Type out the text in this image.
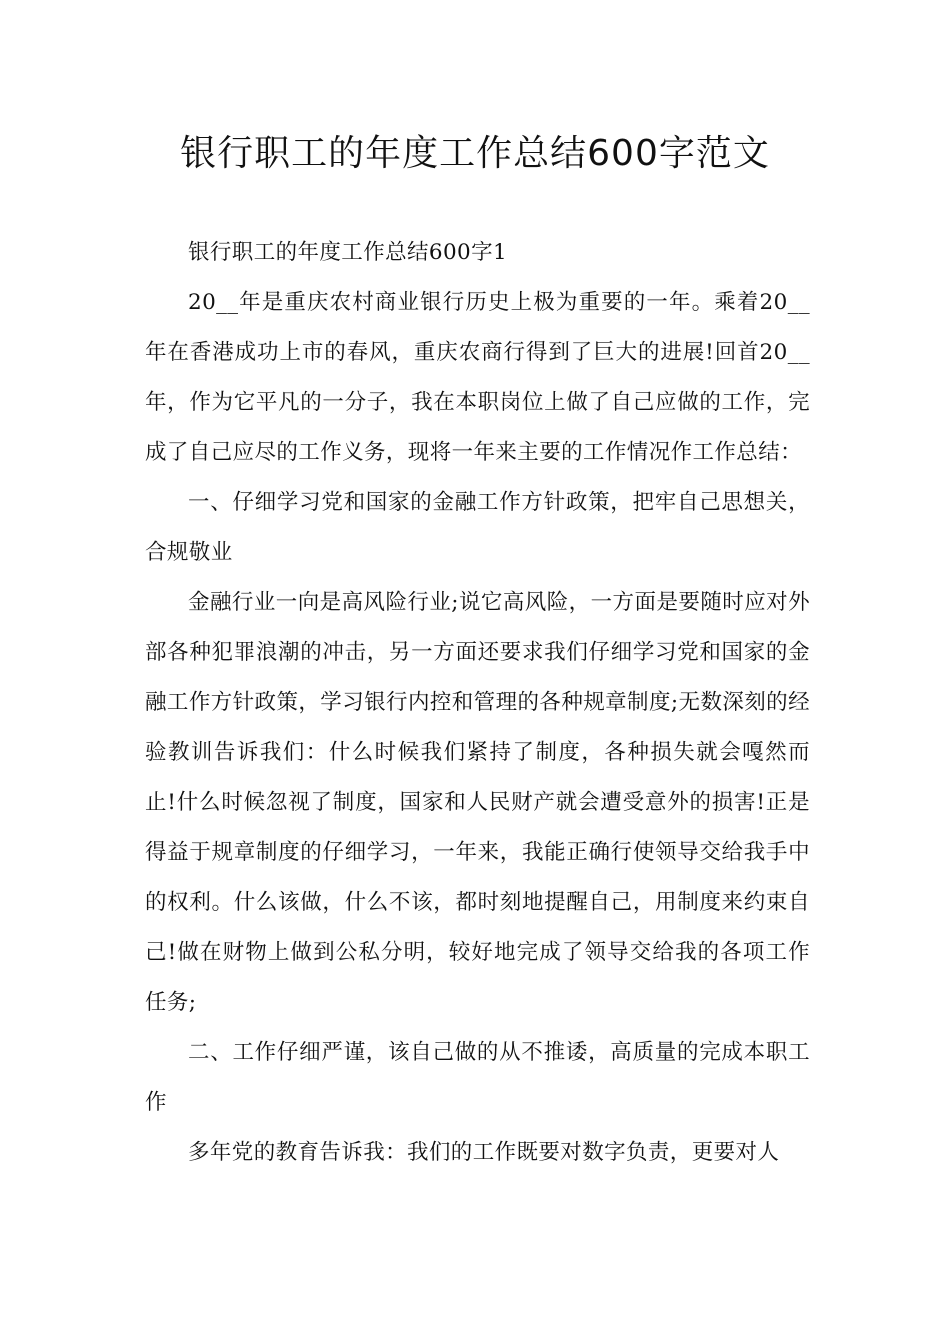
银行职工的年度工作总结600字范文

银行职工的年度工作总结600字1

20__年是重庆农村商业银行历史上极为重要的一年。乘着20__年在香港成功上市的春风，重庆农商行得到了巨大的进展!回首20__年，作为它平凡的一分子，我在本职岗位上做了自己应做的工作，完成了自己应尽的工作义务，现将一年来主要的工作情况作工作总结：

一、仔细学习党和国家的金融工作方针政策，把牢自己思想关，合规敬业

金融行业一向是高风险行业;说它高风险，一方面是要随时应对外部各种犯罪浪潮的冲击，另一方面还要求我们仔细学习党和国家的金融工作方针政策，学习银行内控和管理的各种规章制度;无数深刻的经验教训告诉我们：什么时候我们紧持了制度，各种损失就会嘎然而止!什么时候忽视了制度，国家和人民财产就会遭受意外的损害!正是得益于规章制度的仔细学习，一年来，我能正确行使领导交给我手中的权利。什么该做，什么不该，都时刻地提醒自己，用制度来约束自己!做在财物上做到公私分明，较好地完成了领导交给我的各项工作任务;

二、工作仔细严谨，该自己做的从不推诿，高质量的完成本职工作

多年党的教育告诉我：我们的工作既要对数字负责，更要对人
